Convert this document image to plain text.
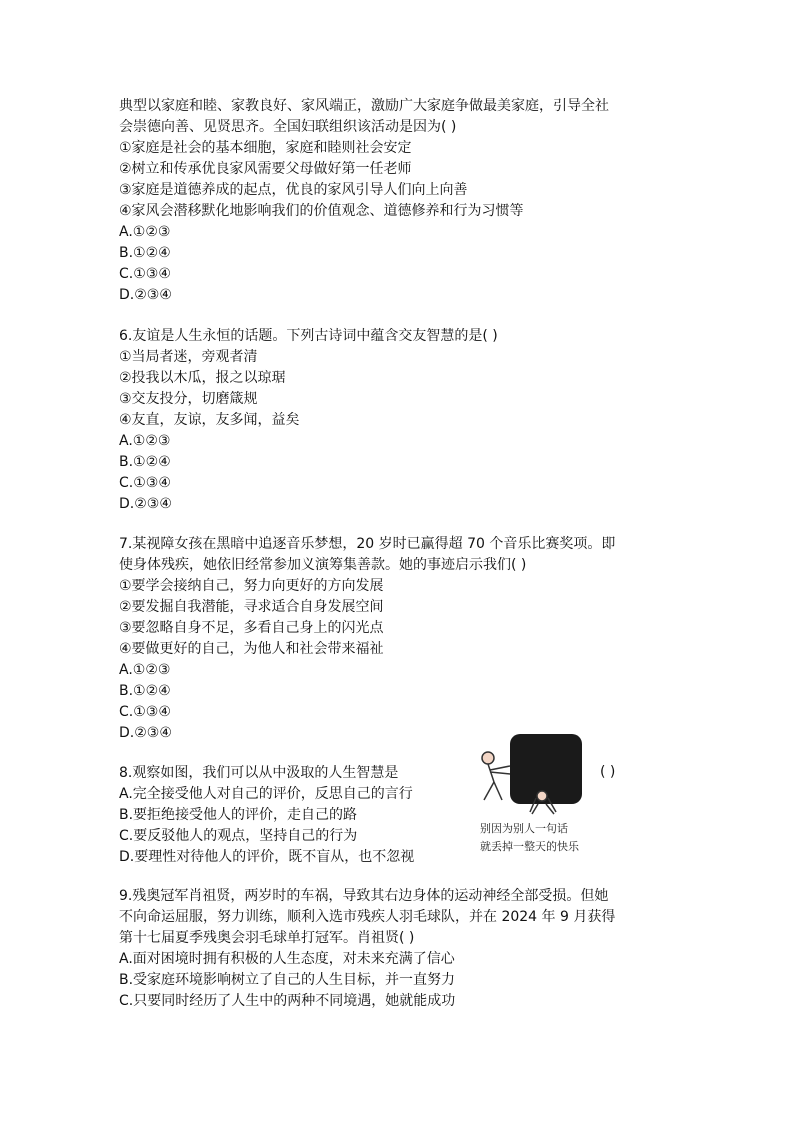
典型以家庭和睦、家教良好、家风端正，激励广大家庭争做最美家庭，引导全社
会崇德向善、见贤思齐。全国妇联组织该活动是因为( )
①家庭是社会的基本细胞，家庭和睦则社会安定
②树立和传承优良家风需要父母做好第一任老师
③家庭是道德养成的起点，优良的家风引导人们向上向善
④家风会潜移默化地影响我们的价值观念、道德修养和行为习惯等
A.①②③
B.①②④
C.①③④
D.②③④
6.友谊是人生永恒的话题。下列古诗词中蕴含交友智慧的是( )
①当局者迷，旁观者清
②投我以木瓜，报之以琼琚
③交友投分，切磨箴规
④友直，友谅，友多闻，益矣
A.①②③
B.①②④
C.①③④
D.②③④
7.某视障女孩在黑暗中追逐音乐梦想，20 岁时已赢得超 70 个音乐比赛奖项。即
使身体残疾，她依旧经常参加义演筹集善款。她的事迹启示我们( )
①要学会接纳自己，努力向更好的方向发展
②要发掘自我潜能，寻求适合自身发展空间
③要忽略自身不足，多看自己身上的闪光点
④要做更好的自己，为他人和社会带来福祉
A.①②③
B.①②④
C.①③④
D.②③④
8.观察如图，我们可以从中汲取的人生智慧是	( )
A.完全接受他人对自己的评价，反思自己的言行
B.要拒绝接受他人的评价，走自己的路
C.要反驳他人的观点，坚持自己的行为
D.要理性对待他人的评价，既不盲从，也不忽视
别因为别人一句话
就丢掉一整天的快乐
9.残奥冠军肖祖贤，两岁时的车祸，导致其右边身体的运动神经全部受损。但她
不向命运屈服，努力训练，顺利入选市残疾人羽毛球队，并在 2024 年 9 月获得
第十七届夏季残奥会羽毛球单打冠军。肖祖贤( )
A.面对困境时拥有积极的人生态度，对未来充满了信心
B.受家庭环境影响树立了自己的人生目标，并一直努力
C.只要同时经历了人生中的两种不同境遇，她就能成功
